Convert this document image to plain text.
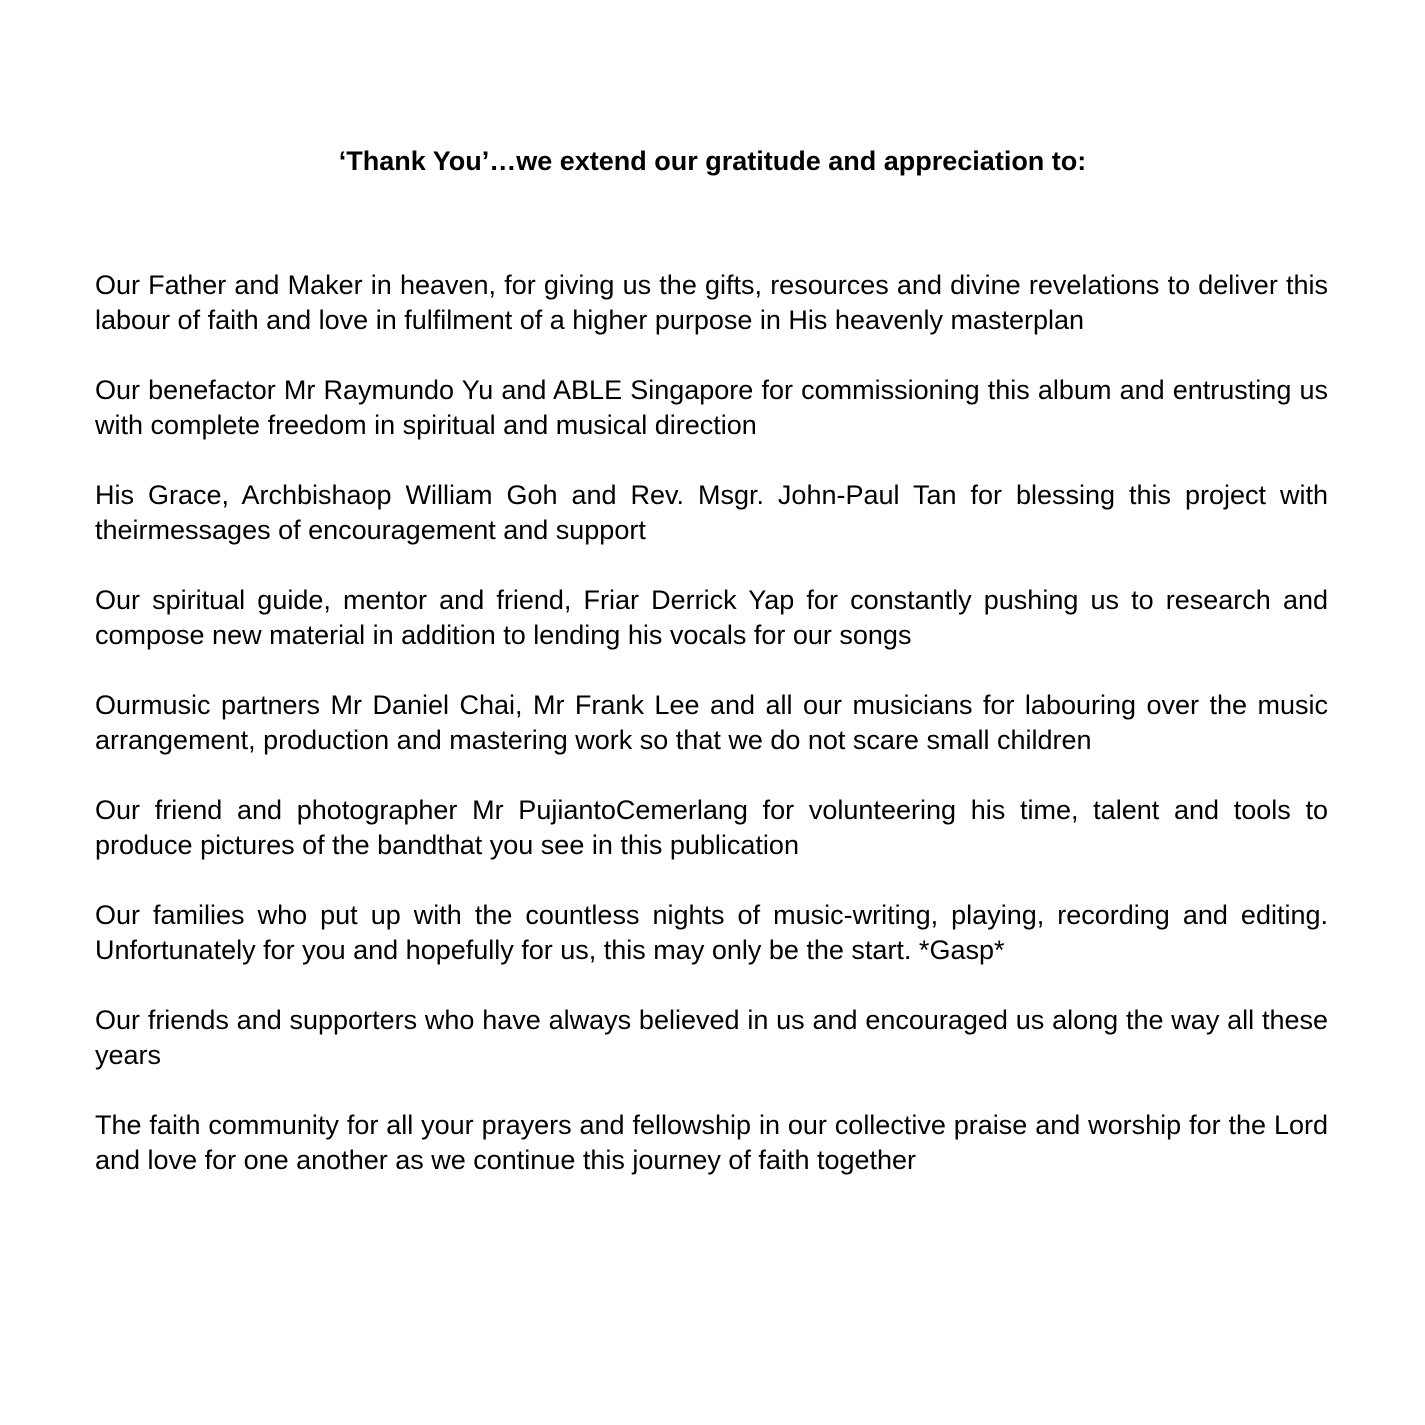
‘Thank You’…we extend our gratitude and appreciation to:
Our Father and Maker in heaven, for giving us the gifts, resources and divine revelations to deliver this labour of faith and love in fulfilment of a higher purpose in His heavenly masterplan
Our benefactor Mr Raymundo Yu and ABLE Singapore for commissioning this album and entrusting us with complete freedom in spiritual and musical direction
His Grace, Archbishaop William Goh and Rev. Msgr. John-Paul Tan for blessing this project with theirmessages of encouragement and support
Our spiritual guide, mentor and friend, Friar Derrick Yap for constantly pushing us to research and compose new material in addition to lending his vocals for our songs
Ourmusic partners Mr Daniel Chai, Mr Frank Lee and all our musicians for labouring over the music arrangement, production and mastering work so that we do not scare small children
Our friend and photographer Mr PujiantoCemerlang for volunteering his time, talent and tools to produce pictures of the bandthat you see in this publication
Our families who put up with the countless nights of music-writing, playing, recording and editing. Unfortunately for you and hopefully for us, this may only be the start. *Gasp*
Our friends and supporters who have always believed in us and encouraged us along the way all these years
The faith community for all your prayers and fellowship in our collective praise and worship for the Lord and love for one another as we continue this journey of faith together
